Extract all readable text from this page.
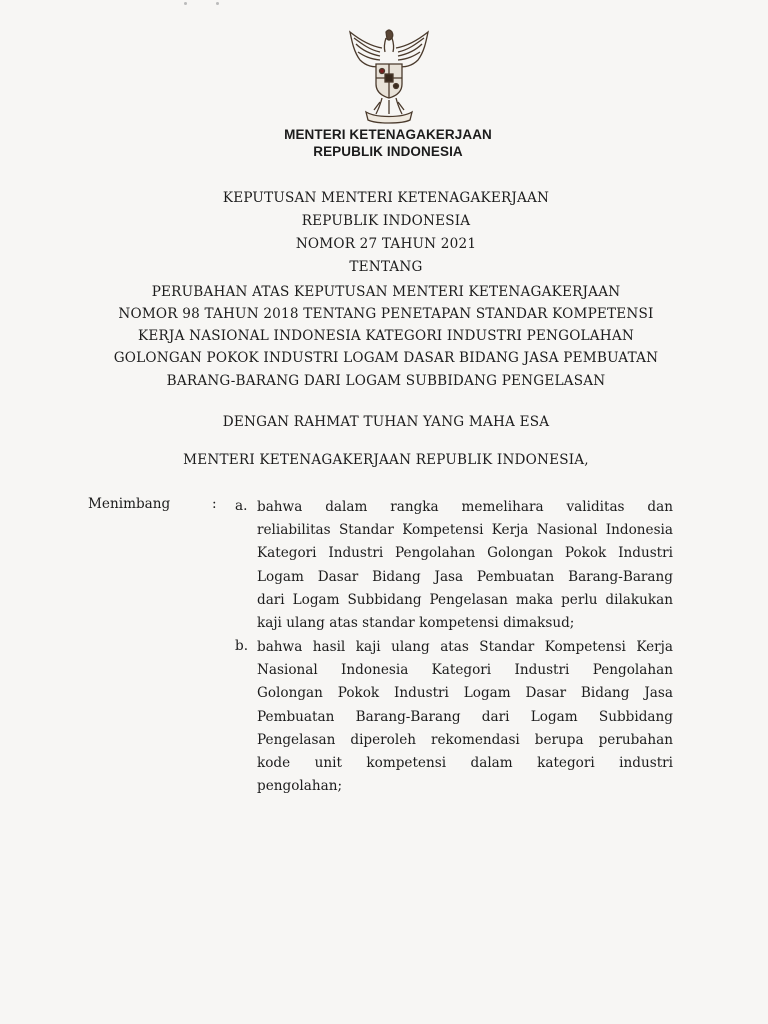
MENTERI KETENAGAKERJAAN
REPUBLIK INDONESIA
KEPUTUSAN MENTERI KETENAGAKERJAAN
REPUBLIK INDONESIA
NOMOR 27 TAHUN 2021
TENTANG
PERUBAHAN ATAS KEPUTUSAN MENTERI KETENAGAKERJAAN
NOMOR 98 TAHUN 2018 TENTANG PENETAPAN STANDAR KOMPETENSI
KERJA NASIONAL INDONESIA KATEGORI INDUSTRI PENGOLAHAN
GOLONGAN POKOK INDUSTRI LOGAM DASAR BIDANG JASA PEMBUATAN
BARANG-BARANG DARI LOGAM SUBBIDANG PENGELASAN
DENGAN RAHMAT TUHAN YANG MAHA ESA
MENTERI KETENAGAKERJAAN REPUBLIK INDONESIA,
Menimbang	: a. bahwa dalam rangka memelihara validitas dan
reliabilitas Standar Kompetensi Kerja Nasional Indonesia
Kategori Industri Pengolahan Golongan Pokok Industri
Logam Dasar Bidang Jasa Pembuatan Barang-Barang
dari Logam Subbidang Pengelasan maka perlu dilakukan
kaji ulang atas standar kompetensi dimaksud;
b. bahwa hasil kaji ulang atas Standar Kompetensi Kerja
Nasional Indonesia Kategori Industri Pengolahan
Golongan Pokok Industri Logam Dasar Bidang Jasa
Pembuatan Barang-Barang dari Logam Subbidang
Pengelasan diperoleh rekomendasi berupa perubahan
kode unit kompetensi dalam kategori industri
pengolahan;
